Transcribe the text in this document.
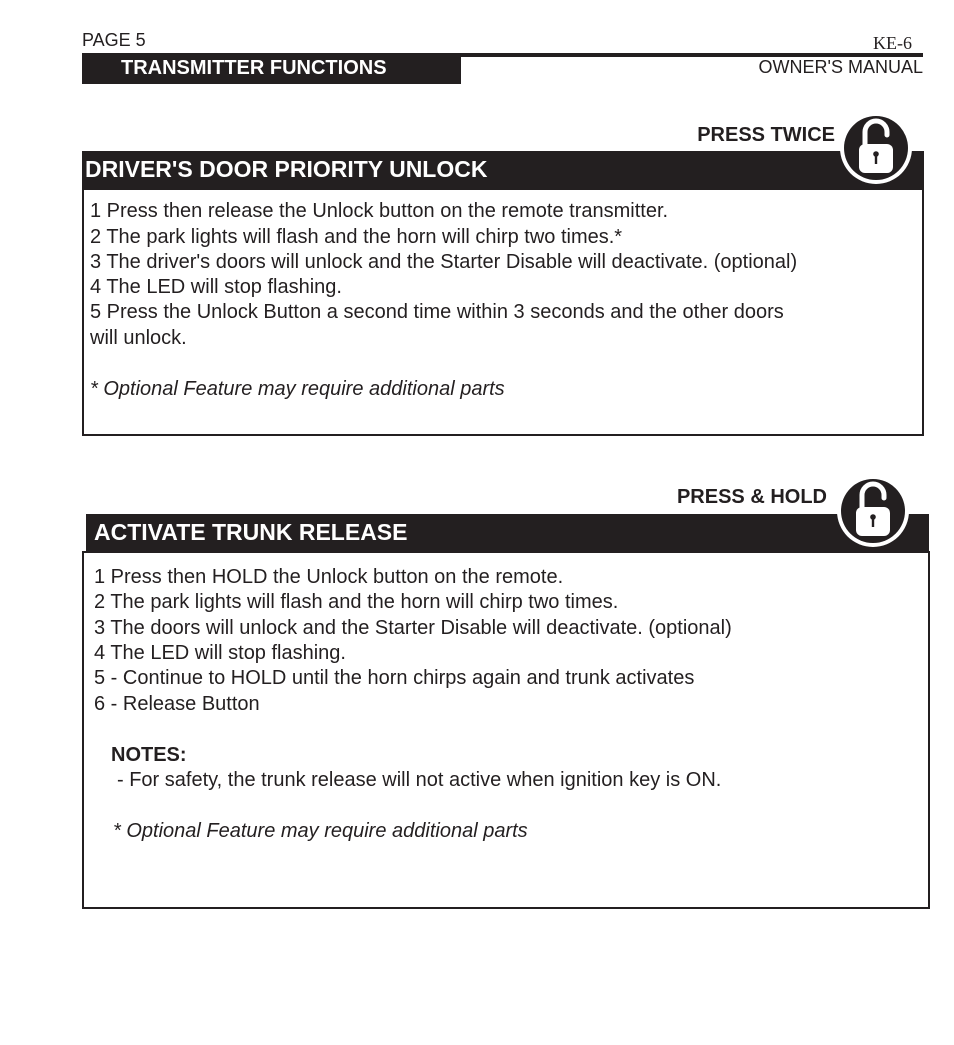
PAGE 5	KE-6
TRANSMITTER FUNCTIONS	OWNER'S MANUAL
PRESS TWICE
DRIVER'S DOOR PRIORITY UNLOCK
1 Press then release the Unlock button on the remote transmitter.
2 The park lights will flash and the horn will chirp two times.*
3 The driver's doors will unlock and the Starter Disable will deactivate. (optional)
4 The LED will stop flashing.
5 Press the Unlock Button a second time within 3 seconds and the other doors
will unlock.
* Optional Feature may require additional parts
PRESS & HOLD
ACTIVATE TRUNK RELEASE
1 Press then HOLD the Unlock button on the remote.
2 The park lights will flash and the horn will chirp two times.
3 The doors will unlock and the Starter Disable will deactivate. (optional)
4 The LED will stop flashing.
5 - Continue to HOLD until the horn chirps again and trunk activates
6 - Release Button
NOTES:
- For safety, the trunk release will not active when ignition key is ON.
* Optional Feature may require additional parts
